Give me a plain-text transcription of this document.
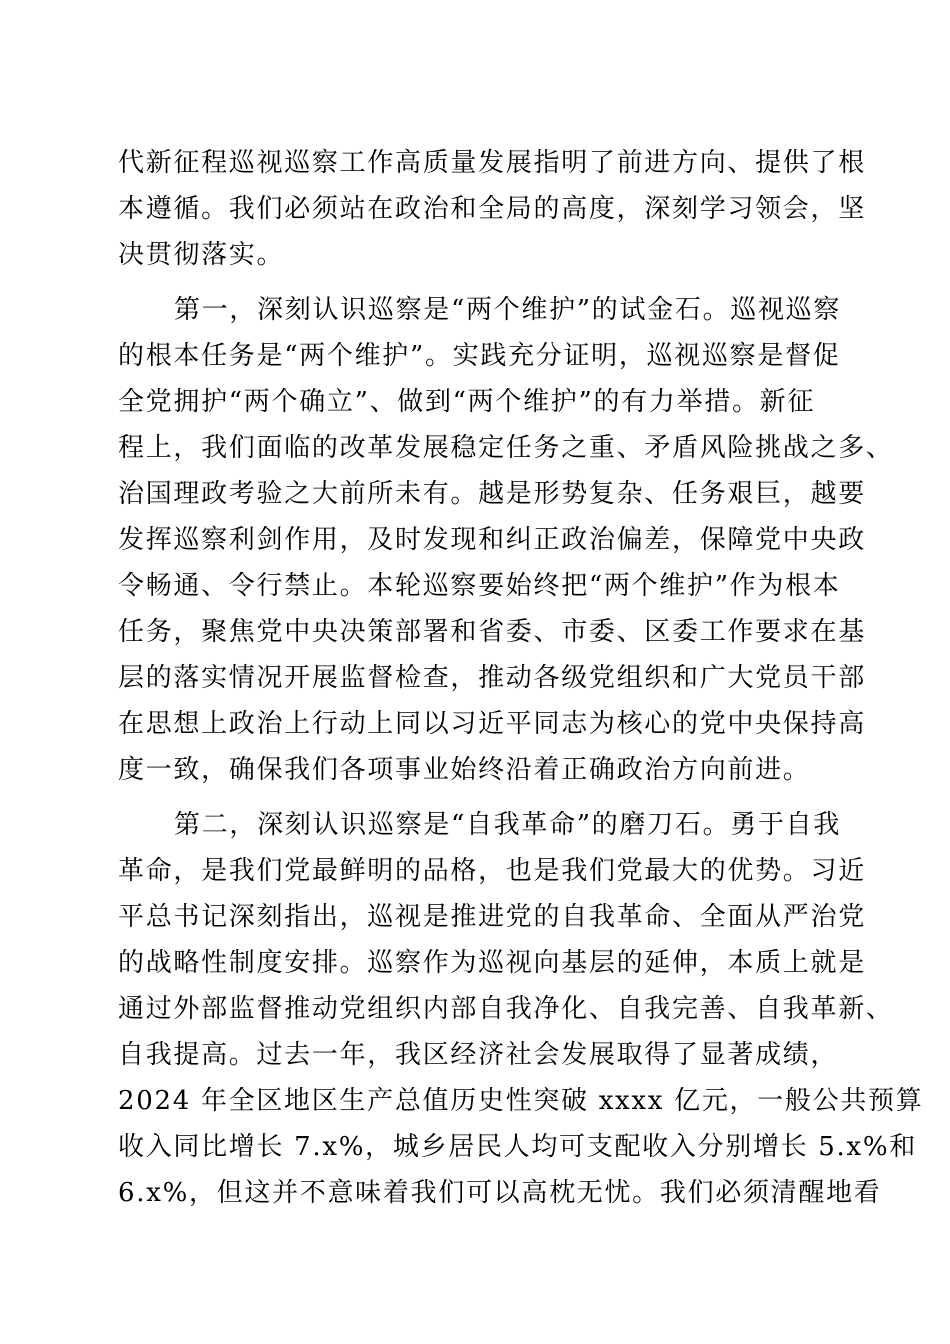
代新征程巡视巡察工作高质量发展指明了前进方向、提供了根
本遵循。我们必须站在政治和全局的高度，深刻学习领会，坚
决贯彻落实。
第一，深刻认识巡察是“两个维护”的试金石。巡视巡察
的根本任务是“两个维护”。实践充分证明，巡视巡察是督促
全党拥护“两个确立”、做到“两个维护”的有力举措。新征
程上，我们面临的改革发展稳定任务之重、矛盾风险挑战之多、
治国理政考验之大前所未有。越是形势复杂、任务艰巨，越要
发挥巡察利剑作用，及时发现和纠正政治偏差，保障党中央政
令畅通、令行禁止。本轮巡察要始终把“两个维护”作为根本
任务，聚焦党中央决策部署和省委、市委、区委工作要求在基
层的落实情况开展监督检查，推动各级党组织和广大党员干部
在思想上政治上行动上同以习近平同志为核心的党中央保持高
度一致，确保我们各项事业始终沿着正确政治方向前进。
第二，深刻认识巡察是“自我革命”的磨刀石。勇于自我
革命，是我们党最鲜明的品格，也是我们党最大的优势。习近
平总书记深刻指出，巡视是推进党的自我革命、全面从严治党
的战略性制度安排。巡察作为巡视向基层的延伸，本质上就是
通过外部监督推动党组织内部自我净化、自我完善、自我革新、
自我提高。过去一年，我区经济社会发展取得了显著成绩，
2024 年全区地区生产总值历史性突破 xxxx 亿元，一般公共预算
收入同比增长 7.x%，城乡居民人均可支配收入分别增长 5.x%和
6.x%，但这并不意味着我们可以高枕无忧。我们必须清醒地看
